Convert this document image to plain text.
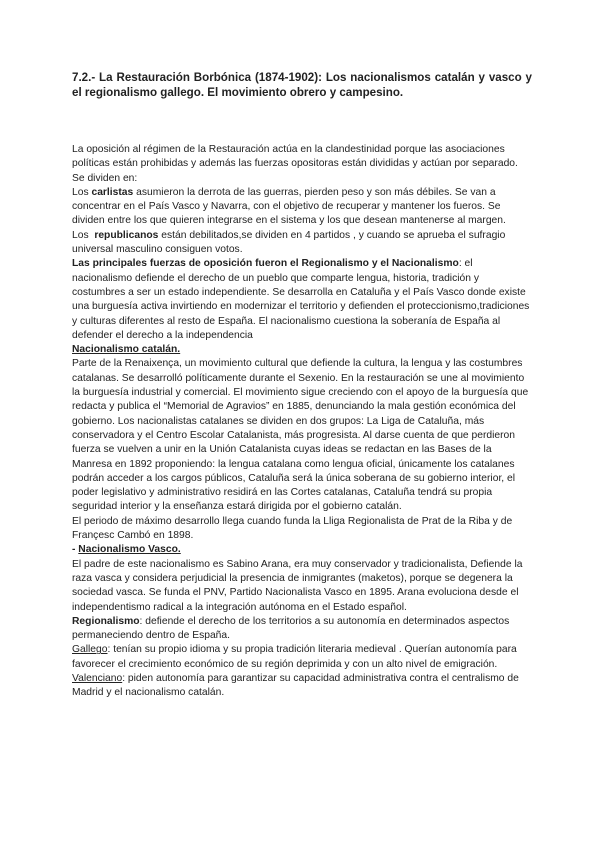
7.2.- La Restauración Borbónica (1874-1902): Los nacionalismos catalán y vasco y el regionalismo gallego. El movimiento obrero y campesino.

La oposición al régimen de la Restauración actúa en la clandestinidad porque las asociaciones políticas están prohibidas y además las fuerzas opositoras están divididas y actúan por separado. Se dividen en:

Los carlistas asumieron la derrota de las guerras, pierden peso y son más débiles. Se van a concentrar en el País Vasco y Navarra, con el objetivo de recuperar y mantener los fueros. Se dividen entre los que quieren integrarse en el sistema y los que desean mantenerse al margen.

Los  republicanos están debilitados,se dividen en 4 partidos , y cuando se aprueba el sufragio universal masculino consiguen votos.

Las principales fuerzas de oposición fueron el Regionalismo y el Nacionalismo: el nacionalismo defiende el derecho de un pueblo que comparte lengua, historia, tradición y costumbres a ser un estado independiente. Se desarrolla en Cataluña y el País Vasco donde existe una burguesía activa invirtiendo en modernizar el territorio y defienden el proteccionismo,tradiciones y culturas diferentes al resto de España. El nacionalismo cuestiona la soberanía de España al defender el derecho a la independencia

Nacionalismo catalán.

Parte de la Renaixença, un movimiento cultural que defiende la cultura, la lengua y las costumbres catalanas. Se desarrolló políticamente durante el Sexenio. En la restauración se une al movimiento la burguesía industrial y comercial. El movimiento sigue creciendo con el apoyo de la burguesía que redacta y publica el “Memorial de Agravios” en 1885, denunciando la mala gestión económica del gobierno. Los nacionalistas catalanes se dividen en dos grupos: La Liga de Cataluña, más conservadora y el Centro Escolar Catalanista, más progresista. Al darse cuenta de que perdieron fuerza se vuelven a unir en la Unión Catalanista cuyas ideas se redactan en las Bases de la Manresa en 1892 proponiendo: la lengua catalana como lengua oficial, únicamente los catalanes podrán acceder a los cargos públicos, Cataluña será la única soberana de su gobierno interior, el poder legislativo y administrativo residirá en las Cortes catalanas, Cataluña tendrá su propia seguridad interior y la enseñanza estará dirigida por el gobierno catalán.

El periodo de máximo desarrollo llega cuando funda la Lliga Regionalista de Prat de la Riba y de Françesc Cambó en 1898.

- Nacionalismo Vasco.

El padre de este nacionalismo es Sabino Arana, era muy conservador y tradicionalista, Defiende la raza vasca y considera perjudicial la presencia de inmigrantes (maketos), porque se degenera la sociedad vasca. Se funda el PNV, Partido Nacionalista Vasco en 1895. Arana evoluciona desde el independentismo radical a la integración autónoma en el Estado español.

Regionalismo: defiende el derecho de los territorios a su autonomía en determinados aspectos permaneciendo dentro de España.

Gallego: tenían su propio idioma y su propia tradición literaria medieval . Querían autonomía para favorecer el crecimiento económico de su región deprimida y con un alto nivel de emigración.

Valenciano: piden autonomía para garantizar su capacidad administrativa contra el centralismo de Madrid y el nacionalismo catalán.
